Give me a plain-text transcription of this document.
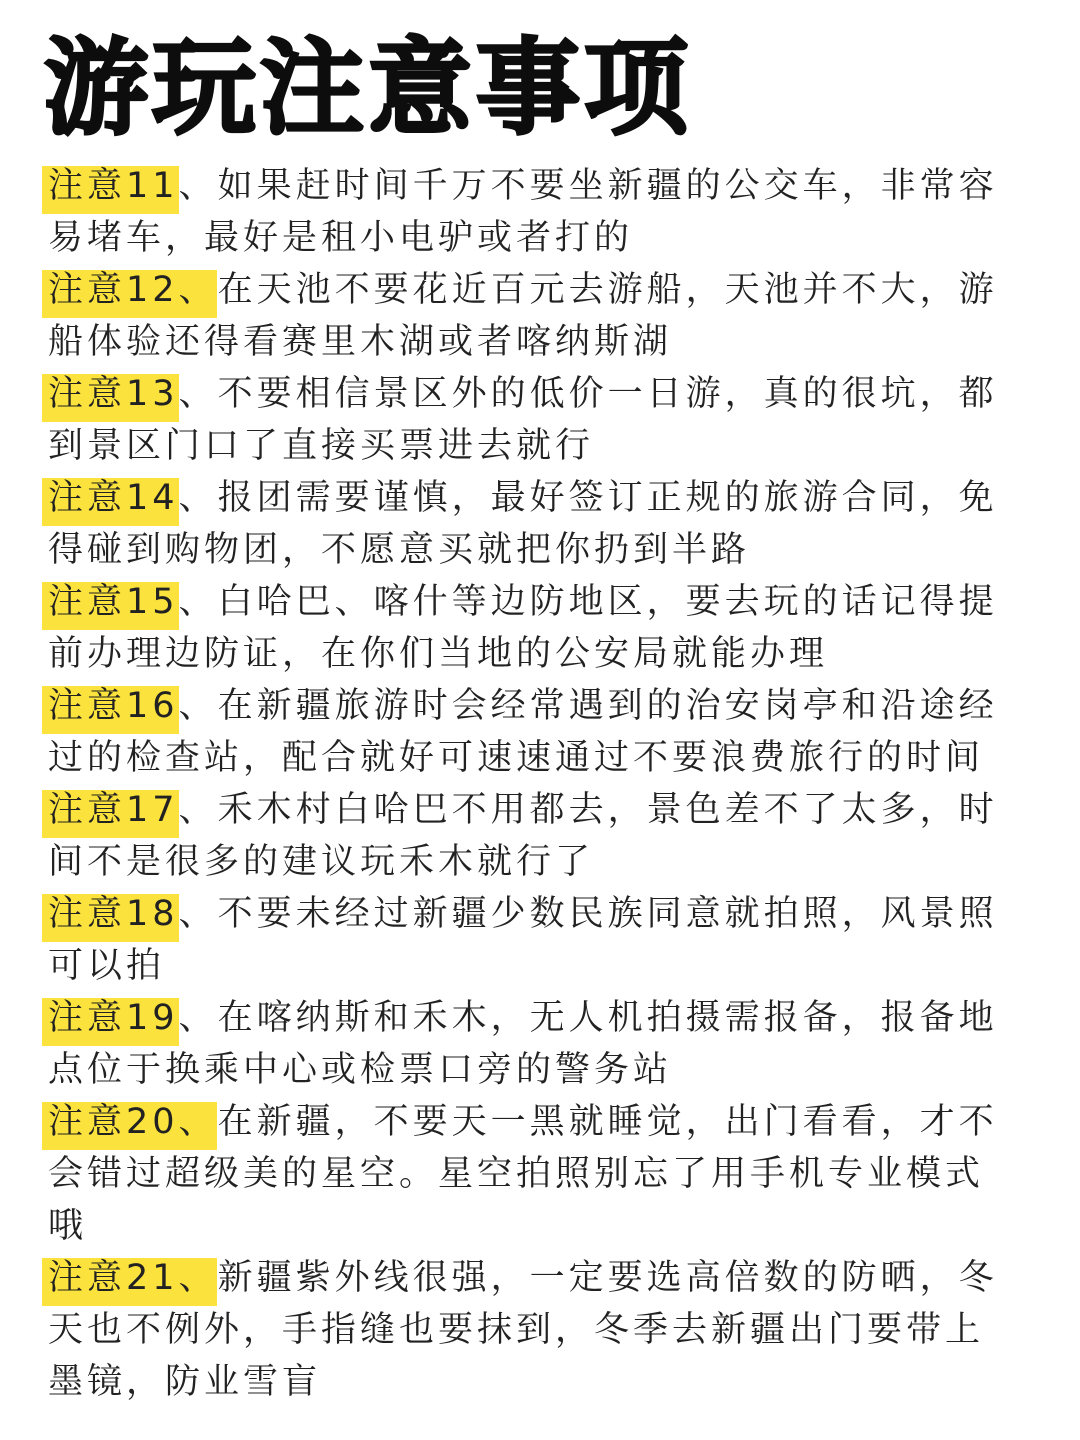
游玩注意事项

注意11、如果赶时间千万不要坐新疆的公交车，非常容易堵车，最好是租小电驴或者打的

注意12、在天池不要花近百元去游船，天池并不大，游船体验还得看赛里木湖或者喀纳斯湖

注意13、不要相信景区外的低价一日游，真的很坑，都到景区门口了直接买票进去就行

注意14、报团需要谨慎，最好签订正规的旅游合同，免得碰到购物团，不愿意买就把你扔到半路

注意15、白哈巴、喀什等边防地区，要去玩的话记得提前办理边防证，在你们当地的公安局就能办理

注意16、在新疆旅游时会经常遇到的治安岗亭和沿途经过的检查站，配合就好可速速通过不要浪费旅行的时间

注意17、禾木村白哈巴不用都去，景色差不了太多，时间不是很多的建议玩禾木就行了

注意18、不要未经过新疆少数民族同意就拍照，风景照可以拍

注意19、在喀纳斯和禾木，无人机拍摄需报备，报备地点位于换乘中心或检票口旁的警务站

注意20、在新疆，不要天一黑就睡觉，出门看看，才不会错过超级美的星空。星空拍照别忘了用手机专业模式哦

注意21、新疆紫外线很强，一定要选高倍数的防晒，冬天也不例外，手指缝也要抹到，冬季去新疆出门要带上墨镜，防业雪盲
